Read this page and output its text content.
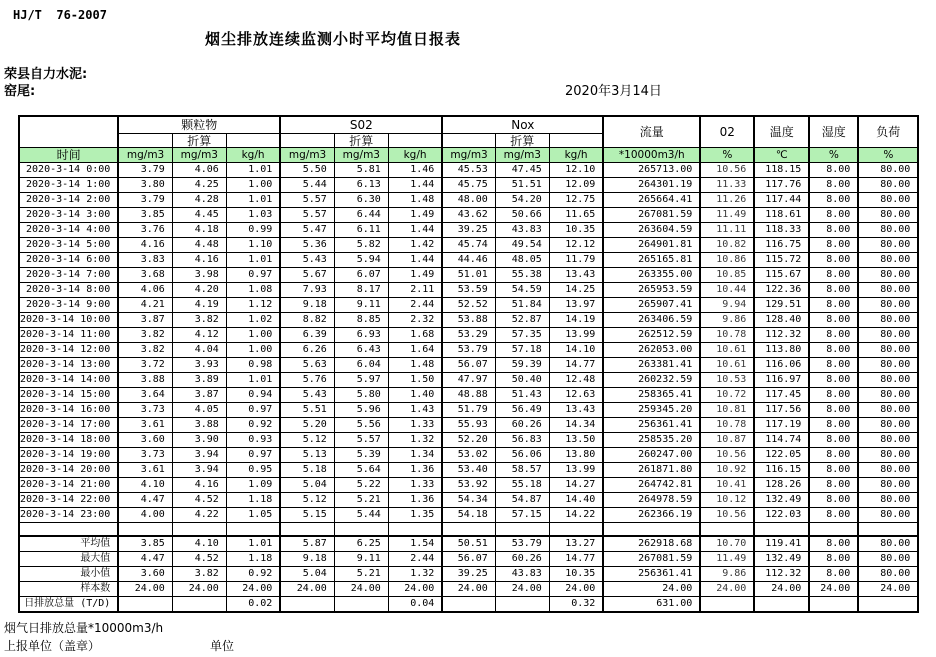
HJ/T  76-2007
烟尘排放连续监测小时平均值日报表
荣县自力水泥:
窑尾:	2020年3月14日
	颗粒物			S02			Nox			流量	02	温度	湿度	负荷
		折算			折算			折算						
时间	mg/m3	mg/m3	kg/h	mg/m3	mg/m3	kg/h	mg/m3	mg/m3	kg/h	*10000m3/h	%	℃	%	%
2020-3-14 0:00	3.79	4.06	1.01	5.50	5.81	1.46	45.53	47.45	12.10	265713.00	10.56	118.15	8.00	80.00
2020-3-14 1:00	3.80	4.25	1.00	5.44	6.13	1.44	45.75	51.51	12.09	264301.19	11.33	117.76	8.00	80.00
2020-3-14 2:00	3.79	4.28	1.01	5.57	6.30	1.48	48.00	54.20	12.75	265664.41	11.26	117.44	8.00	80.00
2020-3-14 3:00	3.85	4.45	1.03	5.57	6.44	1.49	43.62	50.66	11.65	267081.59	11.49	118.61	8.00	80.00
2020-3-14 4:00	3.76	4.18	0.99	5.47	6.11	1.44	39.25	43.83	10.35	263604.59	11.11	118.33	8.00	80.00
2020-3-14 5:00	4.16	4.48	1.10	5.36	5.82	1.42	45.74	49.54	12.12	264901.81	10.82	116.75	8.00	80.00
2020-3-14 6:00	3.83	4.16	1.01	5.43	5.94	1.44	44.46	48.05	11.79	265165.81	10.86	115.72	8.00	80.00
2020-3-14 7:00	3.68	3.98	0.97	5.67	6.07	1.49	51.01	55.38	13.43	263355.00	10.85	115.67	8.00	80.00
2020-3-14 8:00	4.06	4.20	1.08	7.93	8.17	2.11	53.59	54.59	14.25	265953.59	10.44	122.36	8.00	80.00
2020-3-14 9:00	4.21	4.19	1.12	9.18	9.11	2.44	52.52	51.84	13.97	265907.41	9.94	129.51	8.00	80.00
2020-3-14 10:00	3.87	3.82	1.02	8.82	8.85	2.32	53.88	52.87	14.19	263406.59	9.86	128.40	8.00	80.00
2020-3-14 11:00	3.82	4.12	1.00	6.39	6.93	1.68	53.29	57.35	13.99	262512.59	10.78	112.32	8.00	80.00
2020-3-14 12:00	3.82	4.04	1.00	6.26	6.43	1.64	53.79	57.18	14.10	262053.00	10.61	113.80	8.00	80.00
2020-3-14 13:00	3.72	3.93	0.98	5.63	6.04	1.48	56.07	59.39	14.77	263381.41	10.61	116.06	8.00	80.00
2020-3-14 14:00	3.88	3.89	1.01	5.76	5.97	1.50	47.97	50.40	12.48	260232.59	10.53	116.97	8.00	80.00
2020-3-14 15:00	3.64	3.87	0.94	5.43	5.80	1.40	48.88	51.43	12.63	258365.41	10.72	117.45	8.00	80.00
2020-3-14 16:00	3.73	4.05	0.97	5.51	5.96	1.43	51.79	56.49	13.43	259345.20	10.81	117.56	8.00	80.00
2020-3-14 17:00	3.61	3.88	0.92	5.20	5.56	1.33	55.93	60.26	14.34	256361.41	10.78	117.19	8.00	80.00
2020-3-14 18:00	3.60	3.90	0.93	5.12	5.57	1.32	52.20	56.83	13.50	258535.20	10.87	114.74	8.00	80.00
2020-3-14 19:00	3.73	3.94	0.97	5.13	5.39	1.34	53.02	56.06	13.80	260247.00	10.56	122.05	8.00	80.00
2020-3-14 20:00	3.61	3.94	0.95	5.18	5.64	1.36	53.40	58.57	13.99	261871.80	10.92	116.15	8.00	80.00
2020-3-14 21:00	4.10	4.16	1.09	5.04	5.22	1.33	53.92	55.18	14.27	264742.81	10.41	128.26	8.00	80.00
2020-3-14 22:00	4.47	4.52	1.18	5.12	5.21	1.36	54.34	54.87	14.40	264978.59	10.12	132.49	8.00	80.00
2020-3-14 23:00	4.00	4.22	1.05	5.15	5.44	1.35	54.18	57.15	14.22	262366.19	10.56	122.03	8.00	80.00

平均值	3.85	4.10	1.01	5.87	6.25	1.54	50.51	53.79	13.27	262918.68	10.70	119.41	8.00	80.00
最大值	4.47	4.52	1.18	9.18	9.11	2.44	56.07	60.26	14.77	267081.59	11.49	132.49	8.00	80.00
最小值	3.60	3.82	0.92	5.04	5.21	1.32	39.25	43.83	10.35	256361.41	9.86	112.32	8.00	80.00
样本数	24.00	24.00	24.00	24.00	24.00	24.00	24.00	24.00	24.00	24.00	24.00	24.00	24.00	24.00
日排放总量 (T/D)			0.02			0.04			0.32	631.00				
烟气日排放总量*10000m3/h
上报单位（盖章）	单位
